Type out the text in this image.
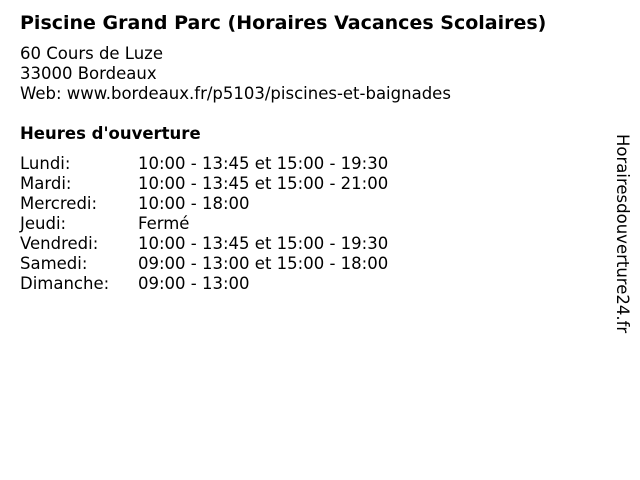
Piscine Grand Parc (Horaires Vacances Scolaires)
60 Cours de Luze
33000 Bordeaux
Web: www.bordeaux.fr/p5103/piscines-et-baignades
Heures d'ouverture
Lundi:	10:00 - 13:45 et 15:00 - 19:30
Mardi:	10:00 - 13:45 et 15:00 - 21:00
Mercredi: 10:00 - 18:00
Jeudi:	Fermé
Vendredi: 10:00 - 13:45 et 15:00 - 19:30
Samedi:	09:00 - 13:00 et 15:00 - 18:00
Dimanche: 09:00 - 13:00	Horairesdouverture24.fr
